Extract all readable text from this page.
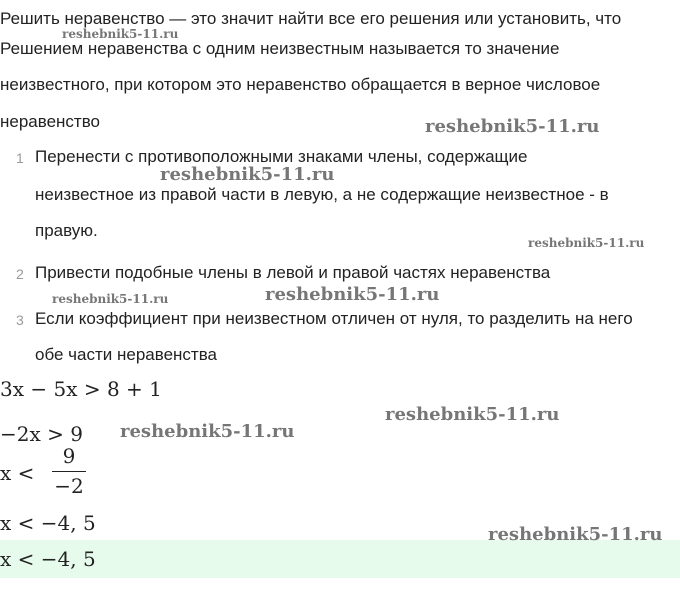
Решить неравенство — это значит найти все его решения или установить, что
Решением неравенства с одним неизвестным называется то значение
неизвестного, при котором это неравенство обращается в верное числовое
неравенство
1 Перенести с противоположными знаками члены, содержащие
неизвестное из правой части в левую, а не содержащие неизвестное - в
правую.
2 Привести подобные члены в левой и правой частях неравенства
3 Если коэффициент при неизвестном отличен от нуля, то разделить на него
обе части неравенства
3x − 5x > 8 + 1
−2x > 9
x <
9
−2
x < −4, 5
x < −4, 5
reshebnik5-11.ru
reshebnik5-11.ru
reshebnik5-11.ru
reshebnik5-11.ru
reshebnik5-11.ru	reshebnik5-11.ru
reshebnik5-11.ru
reshebnik5-11.ru
reshebnik5-11.ru
